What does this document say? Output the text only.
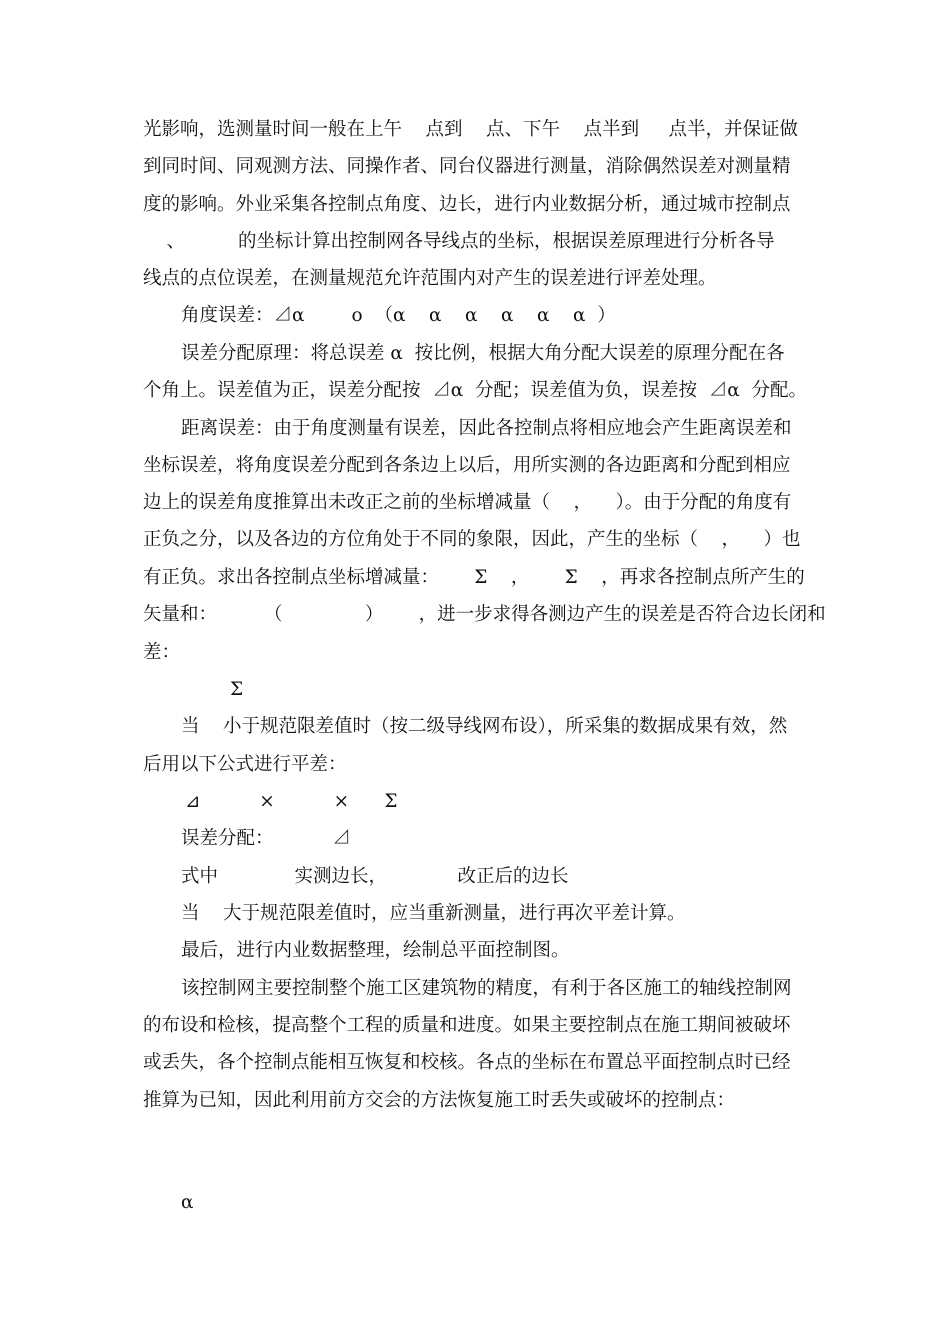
光影响，选测量时间一般在上午    点到    点、下午    点半到     点半，并保证做
到同时间、同观测方法、同操作者、同台仪器进行测量，消除偶然误差对测量精
度的影响。外业采集各控制点角度、边长，进行内业数据分析，通过城市控制点
、         的坐标计算出控制网各导线点的坐标，根据误差原理进行分析各导
线点的点位误差，在测量规范允许范围内对产生的误差进行评差处理。
角度误差：⊿α        o  （α    α    α    α    α    α  ）
误差分配原理：将总误差 α  按比例，根据大角分配大误差的原理分配在各
个角上。误差值为正，误差分配按  ⊿α  分配；误差值为负，误差按  ⊿α  分配。
距离误差：由于角度测量有误差，因此各控制点将相应地会产生距离误差和
坐标误差，将角度误差分配到各条边上以后，用所实测的各边距离和分配到相应
边上的误差角度推算出未改正之前的坐标增减量（    ，    ）。由于分配的角度有
正负之分，以及各边的方位角处于不同的象限，因此，产生的坐标（    ，    ）也
有正负。求出各控制点坐标增减量：      Σ    ，      Σ    ，再求各控制点所产生的
矢量和：        （              ）      ，进一步求得各测边产生的误差是否符合边长闭和
差：
Σ
当    小于规范限差值时（按二级导线网布设），所采集的数据成果有效，然
后用以下公式进行平差：
⊿          ×          ×      Σ
误差分配：          ⊿
式中             实测边长，            改正后的边长
当    大于规范限差值时，应当重新测量，进行再次平差计算。
最后，进行内业数据整理，绘制总平面控制图。
该控制网主要控制整个施工区建筑物的精度，有利于各区施工的轴线控制网
的布设和检核，提高整个工程的质量和进度。如果主要控制点在施工期间被破坏
或丢失，各个控制点能相互恢复和校核。各点的坐标在布置总平面控制点时已经
推算为已知，因此利用前方交会的方法恢复施工时丢失或破坏的控制点：
α
